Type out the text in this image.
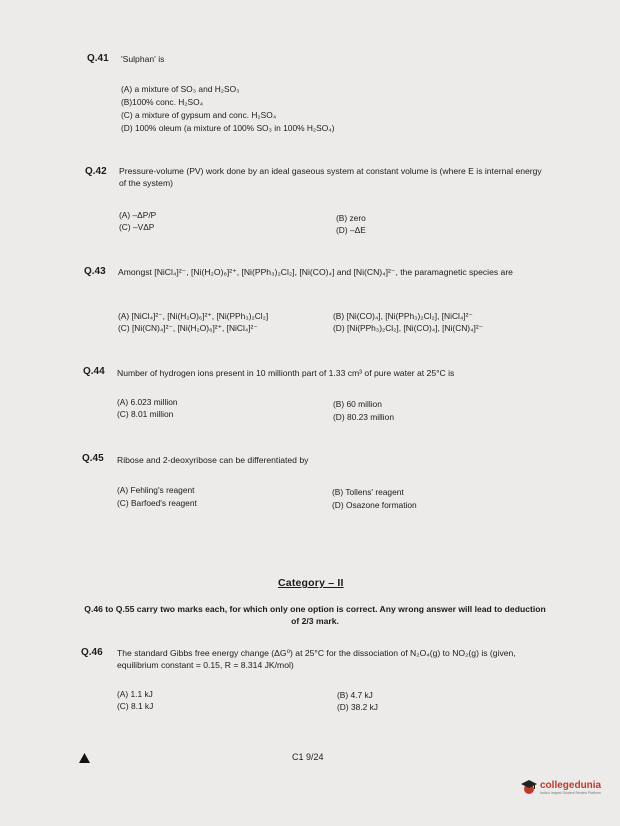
Q.41 'Sulphan' is
(A) a mixture of SO₃ and H₂SO₃
(B)100% conc. H₂SO₄
(C) a mixture of gypsum and conc. H₂SO₄
(D) 100% oleum (a mixture of 100% SO₃ in 100% H₂SO₄)
Q.42 Pressure-volume (PV) work done by an ideal gaseous system at constant volume is (where E is internal energy of the system)
(A) –ΔP/P	(B) zero
(C) –VΔP	(D) –ΔE
Q.43 Amongst [NiCl₄]²⁻, [Ni(H₂O)₆]²⁺, [Ni(PPh₃)₂Cl₂], [Ni(CO)₄] and [Ni(CN)₄]²⁻, the paramagnetic species are
(A) [NiCl₄]²⁻, [Ni(H₂O)₆]²⁺, [Ni(PPh₃)₂Cl₂]	(B) [Ni(CO)₄], [Ni(PPh₃)₂Cl₂], [NiCl₄]²⁻
(C) [Ni(CN)₄]²⁻, [Ni(H₂O)₆]²⁺, [NiCl₄]²⁻	(D) [Ni(PPh₃)₂Cl₂], [Ni(CO)₄], [Ni(CN)₄]²⁻
Q.44 Number of hydrogen ions present in 10 millionth part of 1.33 cm³ of pure water at 25°C is
(A) 6.023 million	(B) 60 million
(C) 8.01 million	(D) 80.23 million
Q.45 Ribose and 2-deoxyribose can be differentiated by
(A) Fehling's reagent	(B) Tollens' reagent
(C) Barfoed's reagent	(D) Osazone formation
Category – II
Q.46 to Q.55 carry two marks each, for which only one option is correct. Any wrong answer will lead to deduction of 2/3 mark.
Q.46 The standard Gibbs free energy change (ΔG⁰) at 25°C for the dissociation of N₂O₄(g) to NO₂(g) is (given, equilibrium constant = 0.15, R = 8.314 JK/mol)
(A) 1.1 kJ	(B) 4.7 kJ
(C) 8.1 kJ	(D) 38.2 kJ
C1 9/24
collegedunia
India's largest Student Review Platform
